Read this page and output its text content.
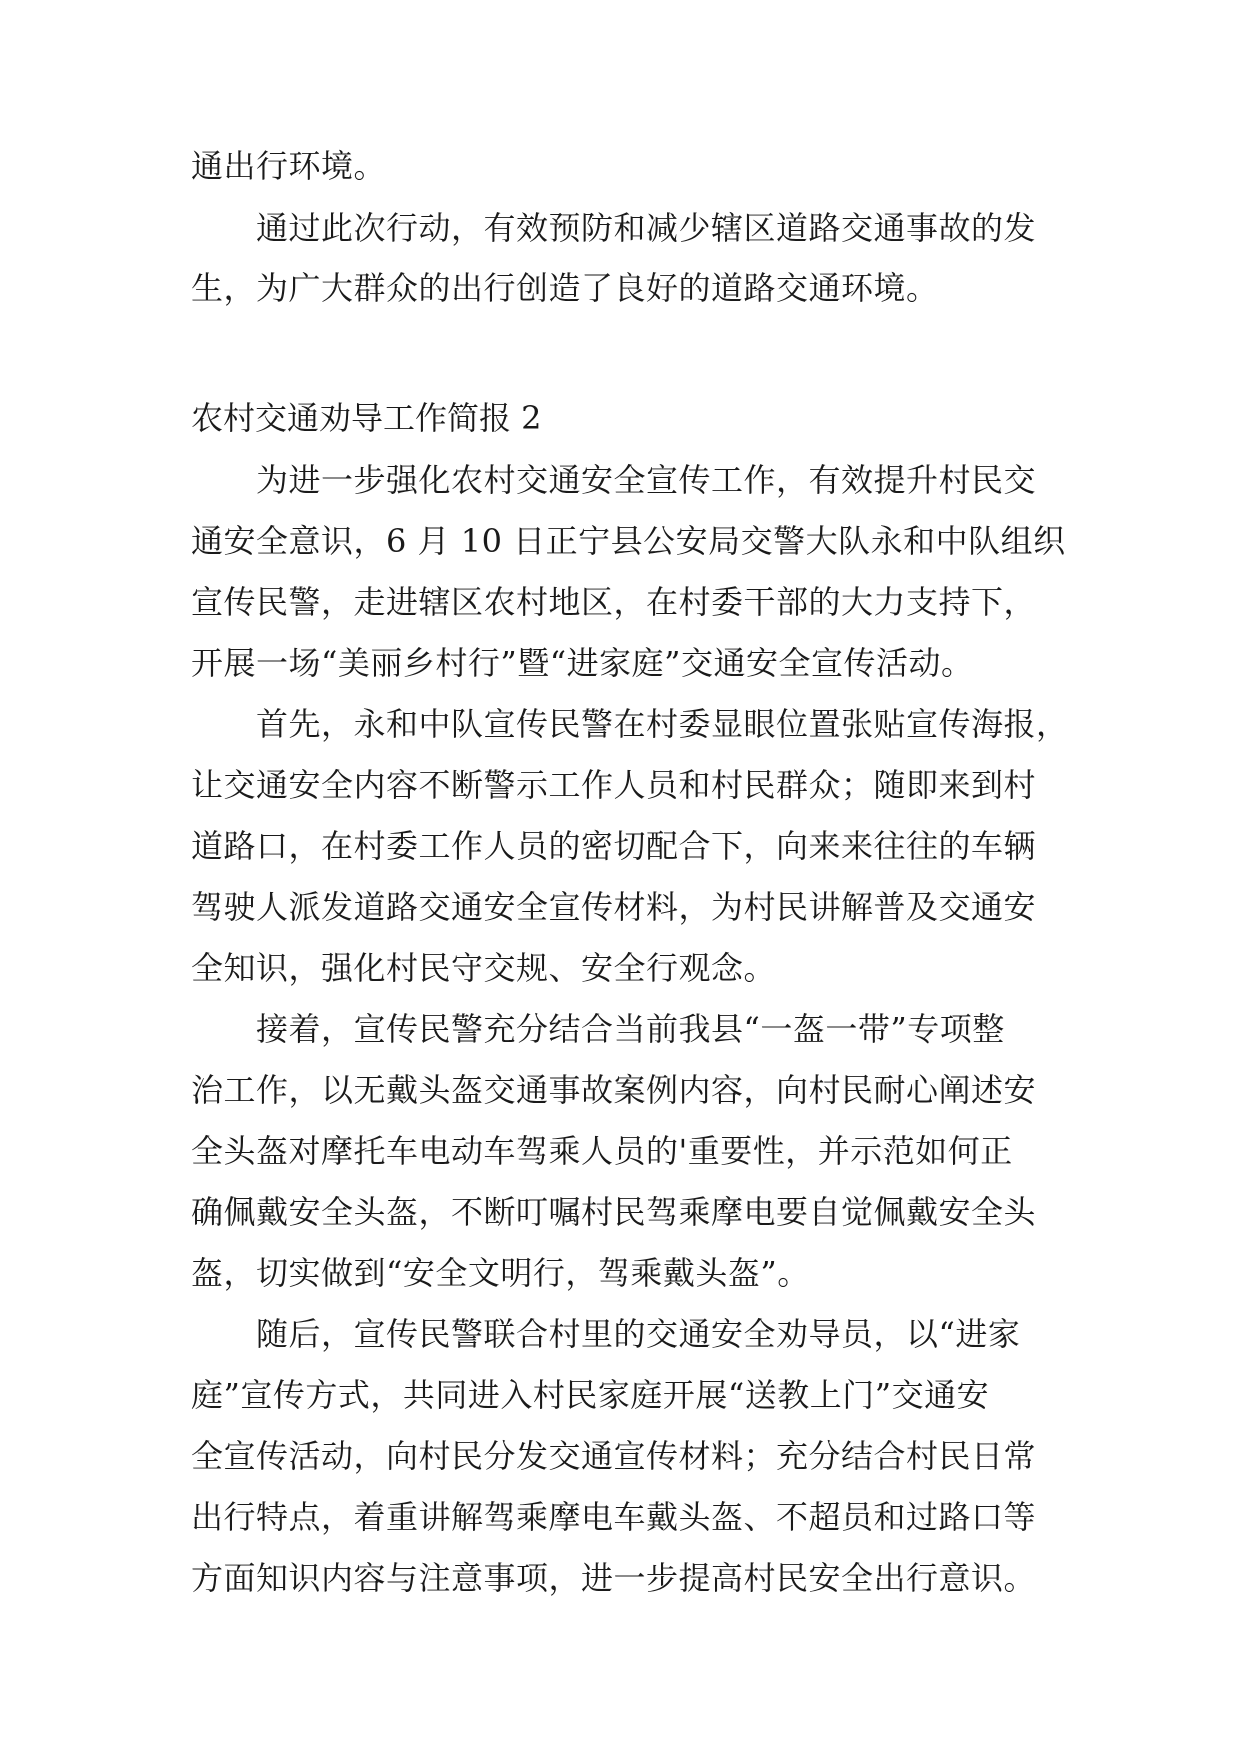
通出行环境。
通过此次行动，有效预防和减少辖区道路交通事故的发
生，为广大群众的出行创造了良好的道路交通环境。
农村交通劝导工作简报 2
为进一步强化农村交通安全宣传工作，有效提升村民交
通安全意识，6 月 10 日正宁县公安局交警大队永和中队组织
宣传民警，走进辖区农村地区，在村委干部的大力支持下，
开展一场“美丽乡村行”暨“进家庭”交通安全宣传活动。
首先，永和中队宣传民警在村委显眼位置张贴宣传海报，
让交通安全内容不断警示工作人员和村民群众；随即来到村
道路口，在村委工作人员的密切配合下，向来来往往的车辆
驾驶人派发道路交通安全宣传材料，为村民讲解普及交通安
全知识，强化村民守交规、安全行观念。
接着，宣传民警充分结合当前我县“一盔一带”专项整
治工作，以无戴头盔交通事故案例内容，向村民耐心阐述安
全头盔对摩托车电动车驾乘人员的'重要性，并示范如何正
确佩戴安全头盔，不断叮嘱村民驾乘摩电要自觉佩戴安全头
盔，切实做到“安全文明行，驾乘戴头盔”。
随后，宣传民警联合村里的交通安全劝导员，以“进家
庭”宣传方式，共同进入村民家庭开展“送教上门”交通安
全宣传活动，向村民分发交通宣传材料；充分结合村民日常
出行特点，着重讲解驾乘摩电车戴头盔、不超员和过路口等
方面知识内容与注意事项，进一步提高村民安全出行意识。
